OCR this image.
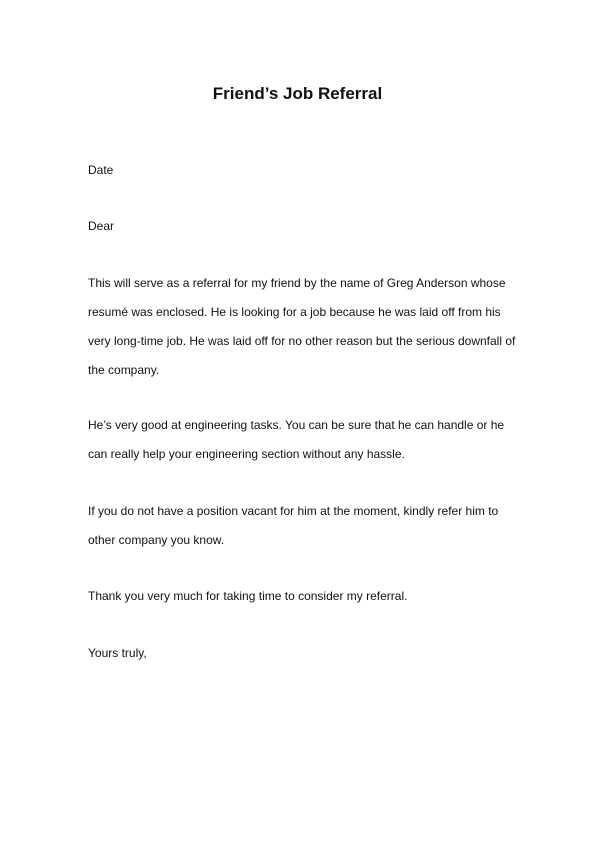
Friend’s Job Referral

Date

Dear

This will serve as a referral for my friend by the name of Greg Anderson whose
resumé was enclosed. He is looking for a job because he was laid off from his
very long-time job. He was laid off for no other reason but the serious downfall of
the company.

He’s very good at engineering tasks. You can be sure that he can handle or he
can really help your engineering section without any hassle.

If you do not have a position vacant for him at the moment, kindly refer him to
other company you know.

Thank you very much for taking time to consider my referral.

Yours truly,
